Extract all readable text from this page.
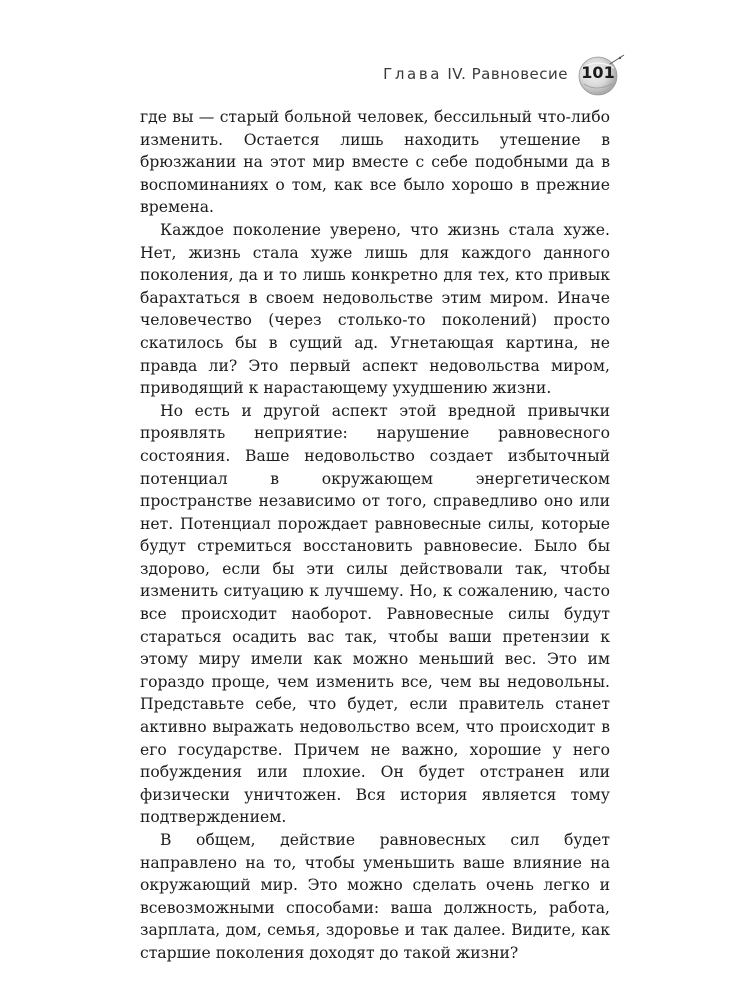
Глава IV. Равновесие 101

где вы — старый больной человек, бессильный что-либо изменить. Остается лишь находить утешение в брюзжании на этот мир вместе с себе подобными да в воспоминаниях о том, как все было хорошо в прежние времена.

Каждое поколение уверено, что жизнь стала хуже. Нет, жизнь стала хуже лишь для каждого данного поколения, да и то лишь конкретно для тех, кто привык барахтаться в своем недовольстве этим миром. Иначе человечество (через столько-то поколений) просто скатилось бы в сущий ад. Угнетающая картина, не правда ли? Это первый аспект недовольства миром, приводящий к нарастающему ухудшению жизни.

Но есть и другой аспект этой вредной привычки проявлять неприятие: нарушение равновесного состояния. Ваше недовольство создает избыточный потенциал в окружающем энергетическом пространстве независимо от того, справедливо оно или нет. Потенциал порождает равновесные силы, которые будут стремиться восстановить равновесие. Было бы здорово, если бы эти силы действовали так, чтобы изменить ситуацию к лучшему. Но, к сожалению, часто все происходит наоборот. Равновесные силы будут стараться осадить вас так, чтобы ваши претензии к этому миру имели как можно меньший вес. Это им гораздо проще, чем изменить все, чем вы недовольны. Представьте себе, что будет, если правитель станет активно выражать недовольство всем, что происходит в его государстве. Причем не важно, хорошие у него побуждения или плохие. Он будет отстранен или физически уничтожен. Вся история является тому подтверждением.

В общем, действие равновесных сил будет направлено на то, чтобы уменьшить ваше влияние на окружающий мир. Это можно сделать очень легко и всевозможными способами: ваша должность, работа, зарплата, дом, семья, здоровье и так далее. Видите, как старшие поколения доходят до такой жизни?
